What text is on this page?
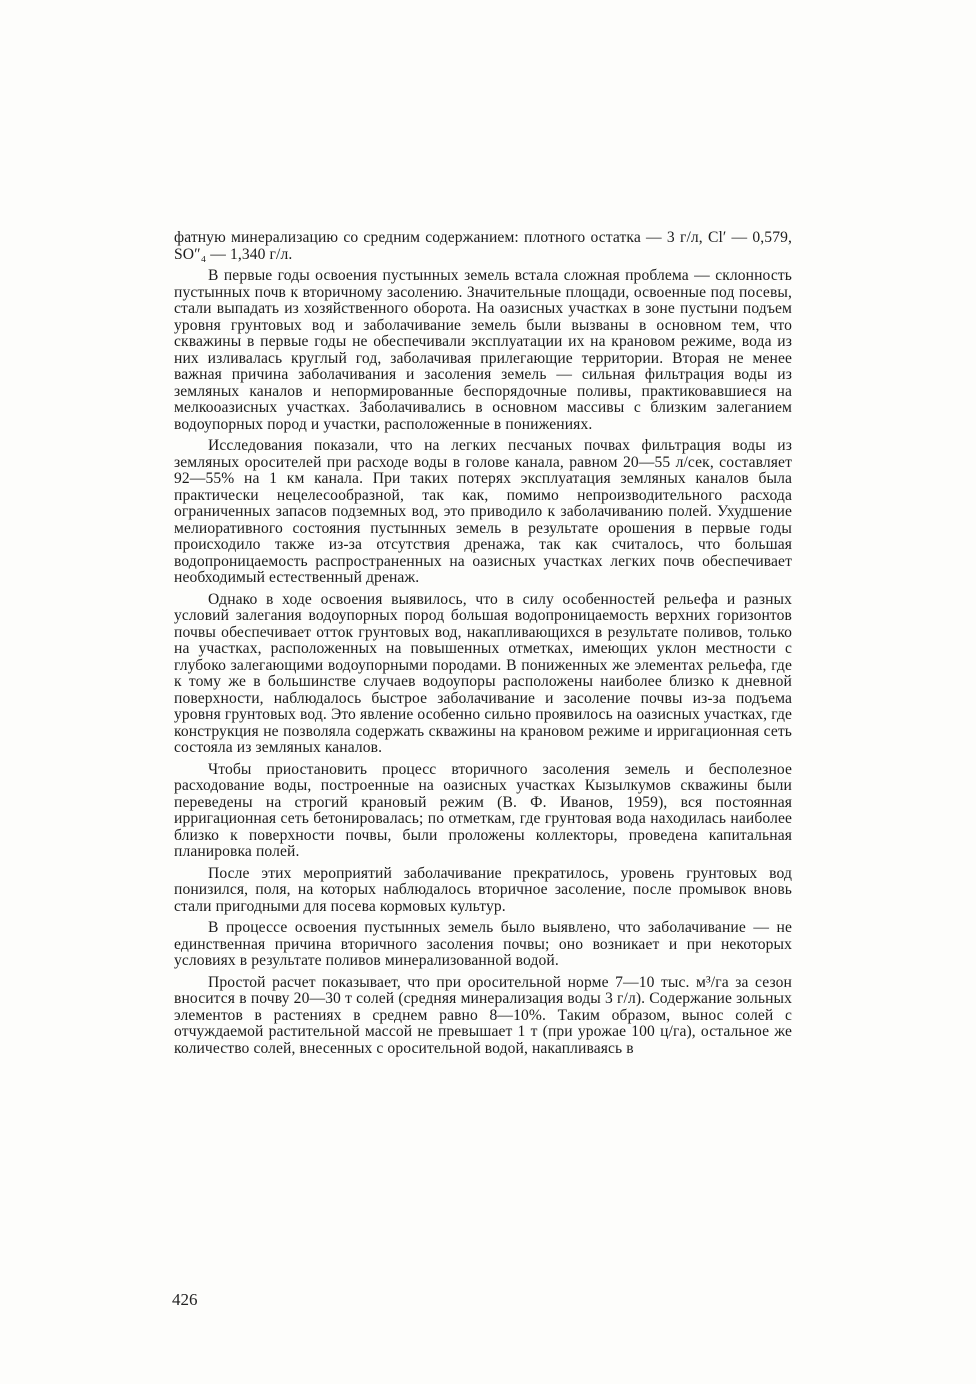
фатную минерализацию со средним содержанием: плотного остатка — 3 г/л, Cl′ — 0,579, SO″₄ — 1,340 г/л.

В первые годы освоения пустынных земель встала сложная проблема — склонность пустынных почв к вторичному засолению. Значительные площади, освоенные под посевы, стали выпадать из хозяйственного оборота. На оазисных участках в зоне пустыни подъем уровня грунтовых вод и заболачивание земель были вызваны в основном тем, что скважины в первые годы не обеспечивали эксплуатации их на крановом режиме, вода из них изливалась круглый год, заболачивая прилегающие территории. Вторая не менее важная причина заболачивания и засоления земель — сильная фильтрация воды из земляных каналов и непормированные беспорядочные поливы, практиковавшиеся на мелкооазисных участках. Заболачивались в основном массивы с близким залеганием водоупорных пород и участки, расположенные в понижениях.

Исследования показали, что на легких песчаных почвах фильтрация воды из земляных оросителей при расходе воды в голове канала, равном 20—55 л/сек, составляет 92—55% на 1 км канала. При таких потерях эксплуатация земляных каналов была практически нецелесообразной, так как, помимо непроизводительного расхода ограниченных запасов подземных вод, это приводило к заболачиванию полей. Ухудшение мелиоративного состояния пустынных земель в результате орошения в первые годы происходило также из-за отсутствия дренажа, так как считалось, что большая водопроницаемость распространенных на оазисных участках легких почв обеспечивает необходимый естественный дренаж.

Однако в ходе освоения выявилось, что в силу особенностей рельефа и разных условий залегания водоупорных пород большая водопроницаемость верхних горизонтов почвы обеспечивает отток грунтовых вод, накапливающихся в результате поливов, только на участках, расположенных на повышенных отметках, имеющих уклон местности с глубоко залегающими водоупорными породами. В пониженных же элементах рельефа, где к тому же в большинстве случаев водоупоры расположены наиболее близко к дневной поверхности, наблюдалось быстрое заболачивание и засоление почвы из-за подъема уровня грунтовых вод. Это явление особенно сильно проявилось на оазисных участках, где конструкция не позволяла содержать скважины на крановом режиме и ирригационная сеть состояла из земляных каналов.

Чтобы приостановить процесс вторичного засоления земель и бесполезное расходование воды, построенные на оазисных участках Кызылкумов скважины были переведены на строгий крановый режим (В. Ф. Иванов, 1959), вся постоянная ирригационная сеть бетонировалась; по отметкам, где грунтовая вода находилась наиболее близко к поверхности почвы, были проложены коллекторы, проведена капитальная планировка полей.

После этих мероприятий заболачивание прекратилось, уровень грунтовых вод понизился, поля, на которых наблюдалось вторичное засоление, после промывок вновь стали пригодными для посева кормовых культур.

В процессе освоения пустынных земель было выявлено, что заболачивание — не единственная причина вторичного засоления почвы; оно возникает и при некоторых условиях в результате поливов минерализованной водой.

Простой расчет показывает, что при оросительной норме 7—10 тыс. м³/га за сезон вносится в почву 20—30 т солей (средняя минерализация воды 3 г/л). Содержание зольных элементов в растениях в среднем равно 8—10%. Таким образом, вынос солей с отчуждаемой растительной массой не превышает 1 т (при урожае 100 ц/га), остальное же количество солей, внесенных с оросительной водой, накапливаясь в

426
